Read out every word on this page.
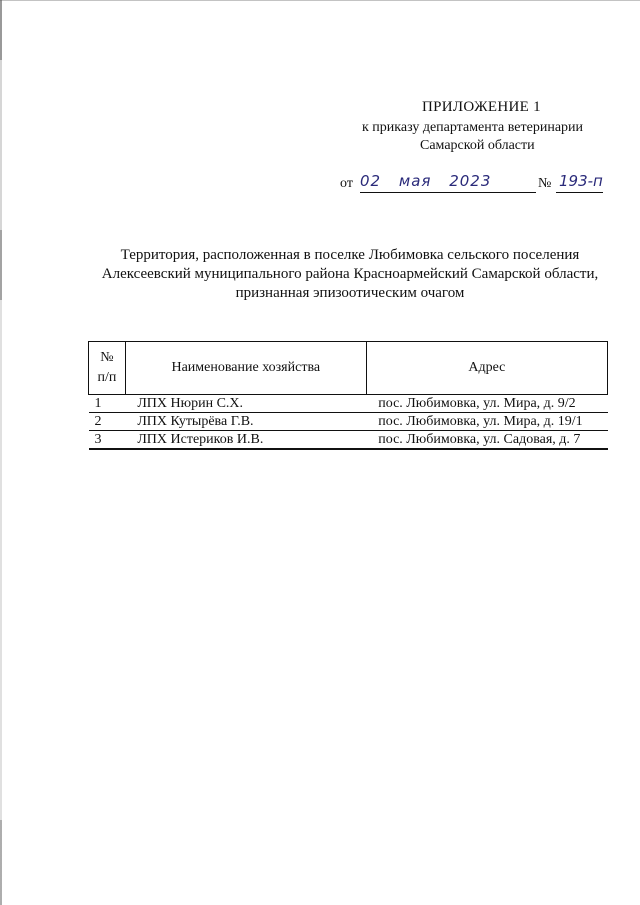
ПРИЛОЖЕНИЕ 1
к приказу департамента ветеринарии
Самарской области
от 02 мая 2023	№ 193-п
Территория, расположенная в поселке Любимовка сельского поселения
Алексеевский муниципального района Красноармейский Самарской области,
признанная эпизоотическим очагом
№
п/п	Наименование хозяйства	Адрес
1	ЛПХ Нюрин С.Х.	пос. Любимовка, ул. Мира, д. 9/2
2	ЛПХ Кутырёва Г.В.	пос. Любимовка, ул. Мира, д. 19/1
3	ЛПХ Истериков И.В.	пос. Любимовка, ул. Садовая, д. 7
